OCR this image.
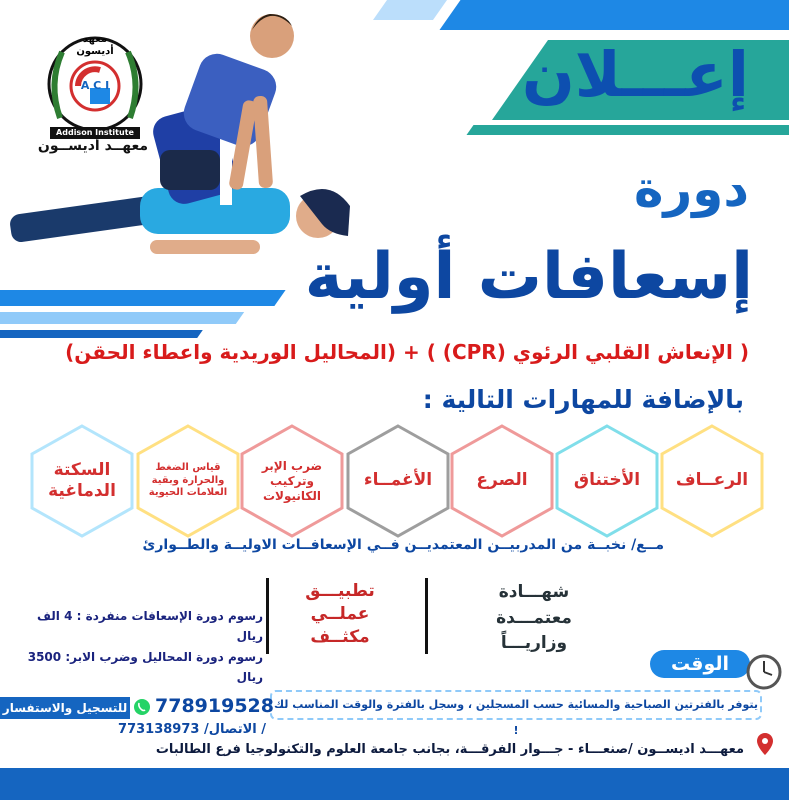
معهد
أديسون
A C I
Addison Institute
معهــد أديســون
إعـــلان
دورة
إسعافات أولية
( الإنعاش القلبي الرئوي (CPR) ) + (المحاليل الوريدية واعطاء الحقن)
بالإضافة للمهارات التالية :
الرعــاف
الأختناق
الصرع
الأغمــاء
ضرب الإبر وتركيب الكانيولات
قياس الضغط والحرارة وبقية العلامات الحيوية
السكتة الدماغية
مــع/ نخبــة من المدربيــن المعتمديــن فــي الإسعافــات الاوليــة والطــوارئ
شهـــادة
معتمـــدة
وزاريـــاً
تطبيـــق
عملــي
مكثــف
رسوم دورة الإسعافات منفردة : 4 الف ريال
رسوم دورة المحاليل وضرب الابر: 3500 ريال
الوقت
يتوفر بالفترتين الصباحية والمسائية حسب المسجلين ، وسجل بالفترة والوقت المناسب لك !
للتسجيل والاستفسار 778919528
/ الاتصال/ 773138973
معهـــد اديســون /صنعـــاء - جـــوار الفرقـــة، بجانب جامعة العلوم والتكنولوجيا فرع الطالبات
